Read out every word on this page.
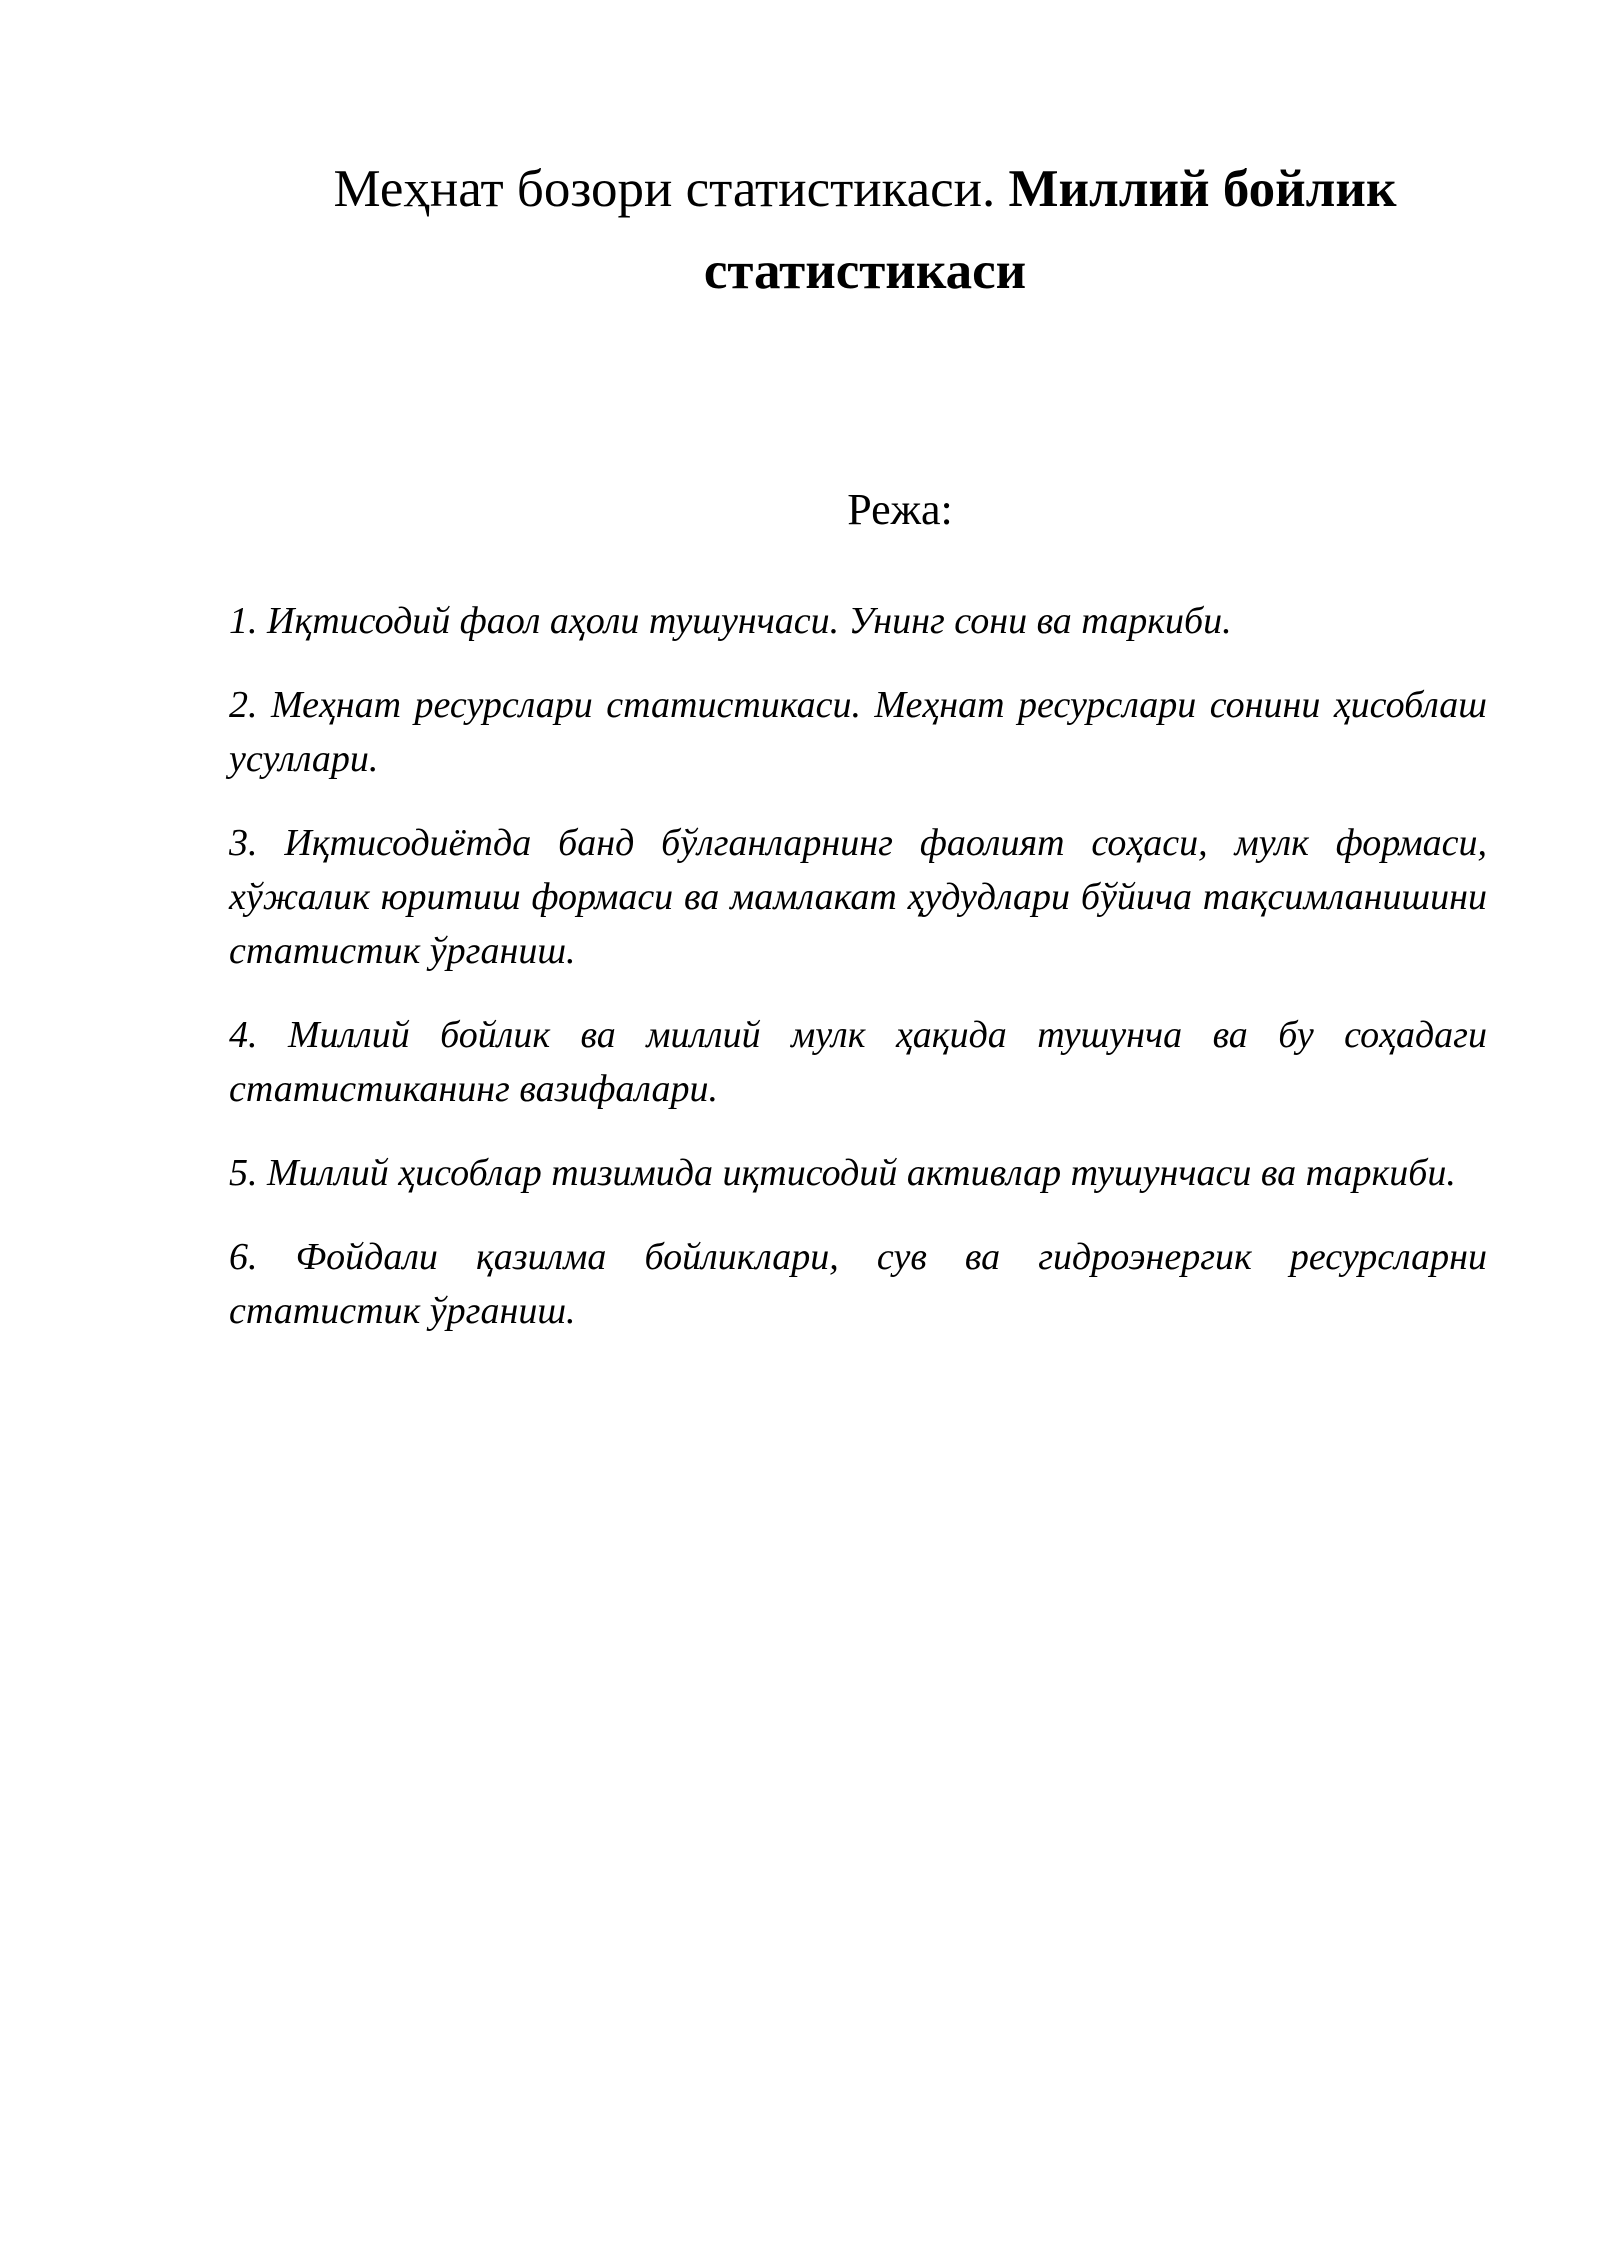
Меҳнат бозори статистикаси. Миллий бойлик статистикаси
Режа:
1. Иқтисодий фаол аҳоли тушунчаси. Унинг сони ва таркиби.
2. Меҳнат ресурслари статистикаси. Меҳнат ресурслари сонини ҳисоблаш усуллари.
3. Иқтисодиётда банд бўлганларнинг фаолият соҳаси, мулк формаси, хўжалик юритиш формаси ва мамлакат ҳудудлари бўйича тақсимланишини статистик ўрганиш.
4. Миллий бойлик ва миллий мулк ҳақида тушунча ва бу соҳадаги статистиканинг вазифалари.
5. Миллий ҳисоблар тизимида иқтисодий активлар тушунчаси ва таркиби.
6. Фойдали қазилма бойликлари, сув ва гидроэнергик ресурсларни статистик ўрганиш.
